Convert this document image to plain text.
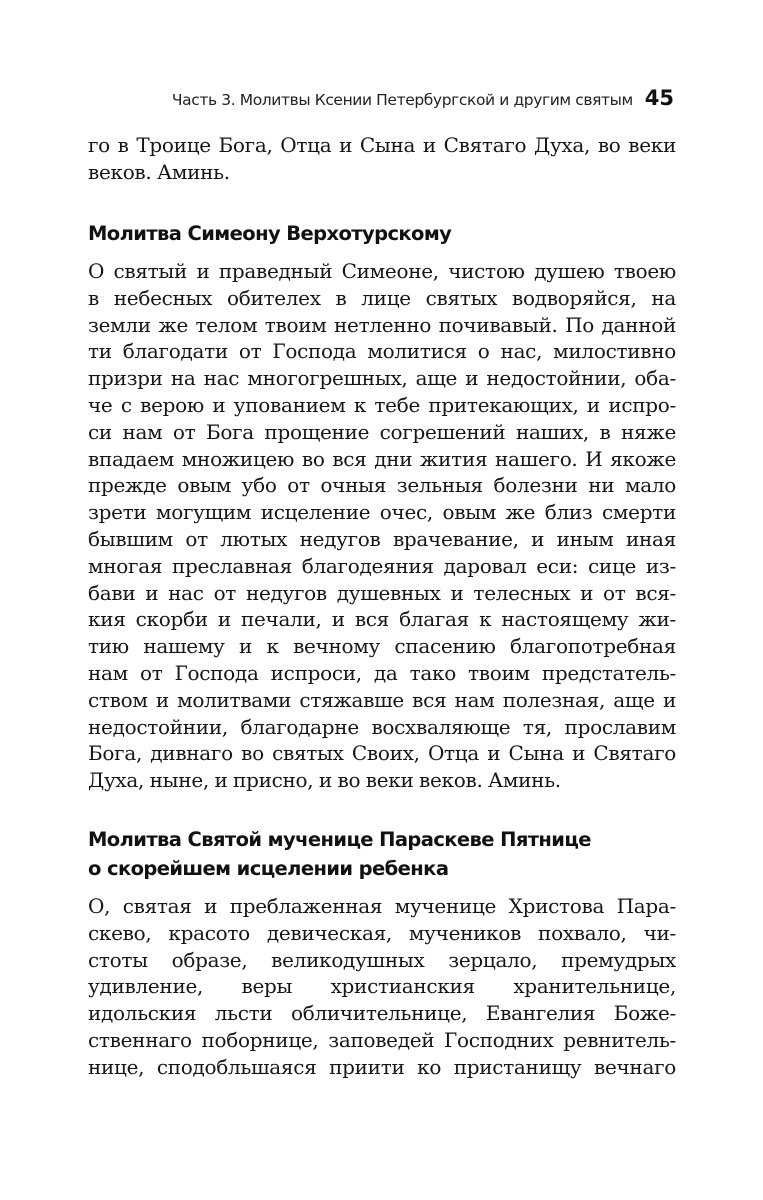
Часть 3. Молитвы Ксении Петербургской и другим святым 45
го в Троице Бога, Отца и Сына и Святаго Духа, во веки
веков. Аминь.
Молитва Симеону Верхотурскому
О святый и праведный Симеоне, чистою душею твоею
в небесных обителех в лице святых водворяйся, на
земли же телом твоим нетленно почивавый. По данной
ти благодати от Господа молитися о нас, милостивно
призри на нас многогрешных, аще и недостойнии, оба-
че с верою и упованием к тебе притекающих, и испро-
си нам от Бога прощение согрешений наших, в няже
впадаем множицею во вся дни жития нашего. И якоже
прежде овым убо от очныя зельныя болезни ни мало
зрети могущим исцеление очес, овым же близ смерти
бывшим от лютых недугов врачевание, и иным иная
многая преславная благодеяния даровал еси: сице из-
бави и нас от недугов душевных и телесных и от вся-
кия скорби и печали, и вся благая к настоящему жи-
тию нашему и к вечному спасению благопотребная
нам от Господа испроси, да тако твоим предстатель-
ством и молитвами стяжавше вся нам полезная, аще и
недостойнии, благодарне восхваляюще тя, прославим
Бога, дивнаго во святых Своих, Отца и Сына и Святаго
Духа, ныне, и присно, и во веки веков. Аминь.
Молитва Святой мученице Параскеве Пятнице
о скорейшем исцелении ребенка
О, святая и преблаженная мученице Христова Пара-
скево, красото девическая, мучеников похвало, чи-
стоты образе, великодушных зерцало, премудрых
удивление, веры христианския хранительнице,
идольския льсти обличительнице, Евангелия Боже-
ственнаго поборнице, заповедей Господних ревнитель-
нице, сподобльшаяся приити ко пристанищу вечнаго
